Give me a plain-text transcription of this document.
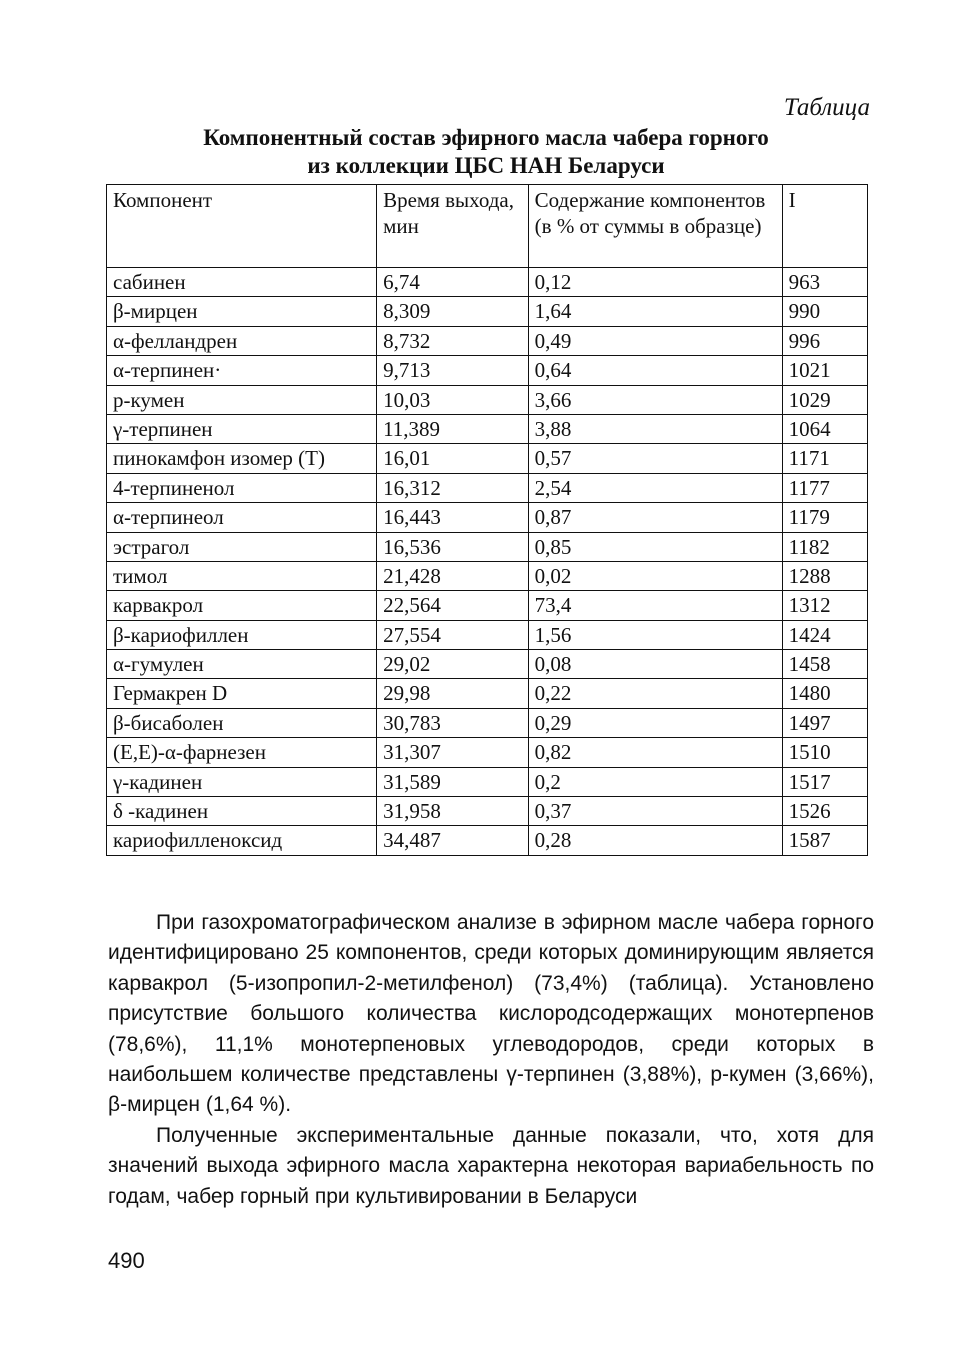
Таблица
Компонентный состав эфирного масла чабера горного
из коллекции ЦБС НАН Беларуси
Компонент	Время выхода, мин	Содержание компонентов (в % от суммы в образце)	I
сабинен	6,74	0,12	963
β-мирцен	8,309	1,64	990
α-фелландрен	8,732	0,49	996
α-терпинен·	9,713	0,64	1021
р-кумен	10,03	3,66	1029
γ-терпинен	11,389	3,88	1064
пинокамфон изомер (Т)	16,01	0,57	1171
4-терпиненол	16,312	2,54	1177
α-терпинеол	16,443	0,87	1179
эстрагол	16,536	0,85	1182
тимол	21,428	0,02	1288
карвакрол	22,564	73,4	1312
β-кариофиллен	27,554	1,56	1424
α-гумулен	29,02	0,08	1458
Гермакрен D	29,98	0,22	1480
β-бисаболен	30,783	0,29	1497
(Е,Е)-α-фарнезен	31,307	0,82	1510
γ-кадинен	31,589	0,2	1517
δ -кадинен	31,958	0,37	1526
кариофилленоксид	34,487	0,28	1587

При газохроматографическом анализе в эфирном масле чабера горного идентифицировано 25 компонентов, среди которых доминирующим является карвакрол (5-изопропил-2-метилфенол) (73,4%) (таблица). Установлено присутствие большого количества кислородсодержащих монотерпенов (78,6%), 11,1% монотерпеновых углеводородов, среди которых в наибольшем количестве представлены γ-терпинен (3,88%), р-кумен (3,66%), β-мирцен (1,64 %).

Полученные экспериментальные данные показали, что, хотя для значений выхода эфирного масла характерна некоторая вариабельность по годам, чабер горный при культивировании в Беларуси

490
